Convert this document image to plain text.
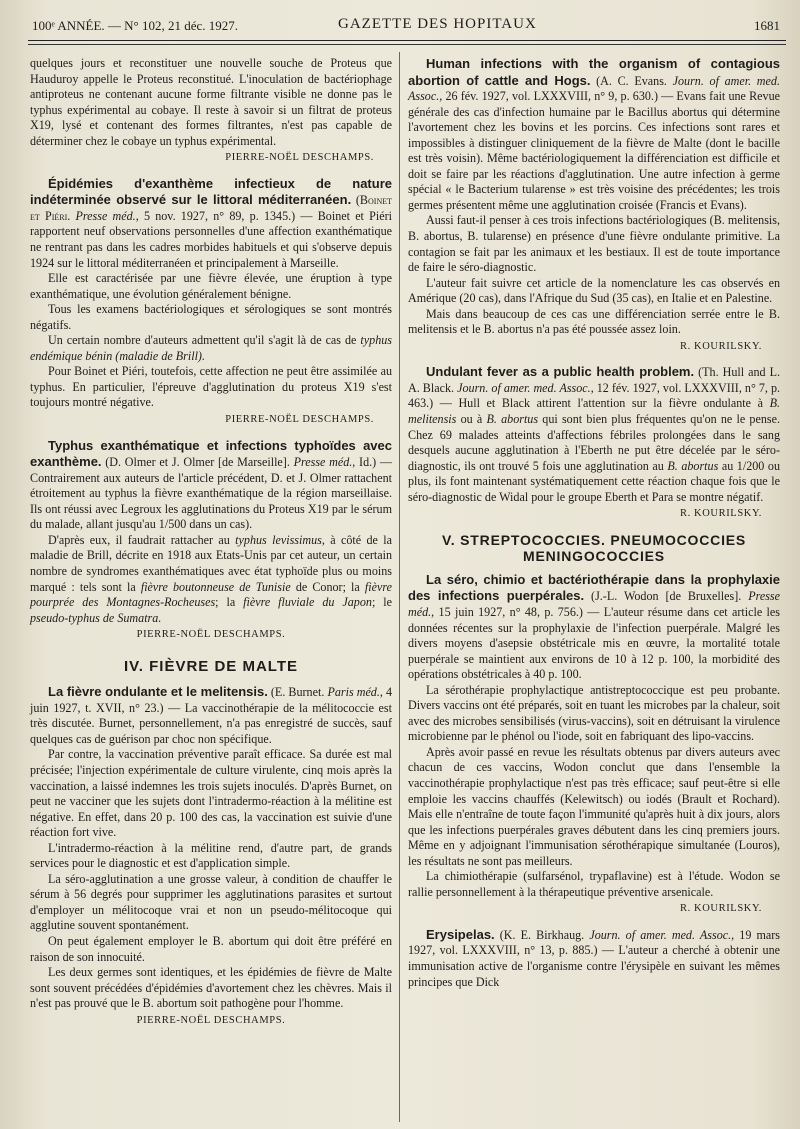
100ᵉ ANNÉE. — N° 102, 21 déc. 1927.	GAZETTE DES HOPITAUX	1681

quelques jours et reconstituer une nouvelle souche de Proteus que Hauduroy appelle le Proteus reconstitué. L'inoculation de bactériophage antiproteus ne contenant aucune forme filtrante visible ne donne pas le typhus expérimental au cobaye. Il reste à savoir si un filtrat de proteus X19, lysé et contenant des formes filtrantes, n'est pas capable de déterminer chez le cobaye un typhus expérimental.

PIERRE-NOËL DESCHAMPS.

Épidémies d'exanthème infectieux de nature indéterminée observé sur le littoral méditerranéen. (Boinet et Piéri. Presse méd., 5 nov. 1927, n° 89, p. 1345.) — Boinet et Piéri rapportent neuf observations personnelles d'une affection exanthématique ne rentrant pas dans les cadres morbides habituels et qui s'observe depuis 1924 sur le littoral méditerranéen et principalement à Marseille.

Elle est caractérisée par une fièvre élevée, une éruption à type exanthématique, une évolution généralement bénigne.

Tous les examens bactériologiques et sérologiques se sont montrés négatifs.

Un certain nombre d'auteurs admettent qu'il s'agit là de cas de typhus endémique bénin (maladie de Brill).

Pour Boinet et Piéri, toutefois, cette affection ne peut être assimilée au typhus. En particulier, l'épreuve d'agglutination du proteus X19 s'est toujours montré négative.

PIERRE-NOËL DESCHAMPS.

Typhus exanthématique et infections typhoïdes avec exanthème. (D. Olmer et J. Olmer [de Marseille]. Presse méd., Id.) — Contrairement aux auteurs de l'article précédent, D. et J. Olmer rattachent étroitement au typhus la fièvre exanthématique de la région marseillaise. Ils ont réussi avec Legroux les agglutinations du Proteus X19 par le sérum du malade, allant jusqu'au 1/500 dans un cas).

D'après eux, il faudrait rattacher au typhus levissimus, à côté de la maladie de Brill, décrite en 1918 aux Etats-Unis par cet auteur, un certain nombre de syndromes exanthématiques avec état typhoïde plus ou moins marqué : tels sont la fièvre boutonneuse de Tunisie de Conor; la fièvre pourprée des Montagnes-Rocheuses; la fièvre fluviale du Japon; le pseudo-typhus de Sumatra.

PIERRE-NOËL DESCHAMPS.
IV. FIÈVRE DE MALTE

La fièvre ondulante et le melitensis. (E. Burnet. Paris méd., 4 juin 1927, t. XVII, n° 23.) — La vaccinothérapie de la mélitococcie est très discutée. Burnet, personnellement, n'a pas enregistré de succès, sauf quelques cas de guérison par choc non spécifique.

Par contre, la vaccination préventive paraît efficace. Sa durée est mal précisée; l'injection expérimentale de culture virulente, cinq mois après la vaccination, a laissé indemnes les trois sujets inoculés. D'après Burnet, on peut ne vacciner que les sujets dont l'intradermo-réaction à la mélitine est négative. En effet, dans 20 p. 100 des cas, la vaccination est suivie d'une réaction fort vive.

L'intradermo-réaction à la mélitine rend, d'autre part, de grands services pour le diagnostic et est d'application simple.

La séro-agglutination a une grosse valeur, à condition de chauffer le sérum à 56 degrés pour supprimer les agglutinations parasites et surtout d'employer un mélitocoque vrai et non un pseudo-mélitocoque qui agglutine souvent spontanément.

On peut également employer le B. abortum qui doit être préféré en raison de son innocuité.

Les deux germes sont identiques, et les épidémies de fièvre de Malte sont souvent précédées d'épidémies d'avortement chez les chèvres. Mais il n'est pas prouvé que le B. abortum soit pathogène pour l'homme.

PIERRE-NOËL DESCHAMPS.

Human infections with the organism of contagious abortion of cattle and Hogs. (A. C. Evans. Journ. of amer. med. Assoc., 26 fév. 1927, vol. LXXXVIII, n° 9, p. 630.) — Evans fait une Revue générale des cas d'infection humaine par le Bacillus abortus qui détermine l'avortement chez les bovins et les porcins. Ces infections sont rares et impossibles à distinguer cliniquement de la fièvre de Malte (dont le bacille est très voisin). Même bactériologiquement la différenciation est difficile et doit se faire par les réactions d'agglutination. Une autre infection à germe spécial « le Bacterium tularense » est très voisine des précédentes; les trois germes présentent même une agglutination croisée (Francis et Evans).

Aussi faut-il penser à ces trois infections bactériologiques (B. melitensis, B. abortus, B. tularense) en présence d'une fièvre ondulante primitive. La contagion se fait par les animaux et les bestiaux. Il est de toute importance de faire le séro-diagnostic.

L'auteur fait suivre cet article de la nomenclature les cas observés en Amérique (20 cas), dans l'Afrique du Sud (35 cas), en Italie et en Palestine.

Mais dans beaucoup de ces cas une différenciation serrée entre le B. melitensis et le B. abortus n'a pas été poussée assez loin.

R. KOURILSKY.

Undulant fever as a public health problem. (Th. Hull and L. A. Black. Journ. of amer. med. Assoc., 12 fév. 1927, vol. LXXXVIII, n° 7, p. 463.) — Hull et Black attirent l'attention sur la fièvre ondulante à B. melitensis ou à B. abortus qui sont bien plus fréquentes qu'on ne le pense. Chez 69 malades atteints d'affections fébriles prolongées dans le sang desquels aucune agglutination à l'Eberth ne put être décelée par le séro-diagnostic, ils ont trouvé 5 fois une agglutination au B. abortus au 1/200 ou plus, ils font maintenant systématiquement cette réaction chaque fois que le séro-diagnostic de Widal pour le groupe Eberth et Para se montre négatif.

R. KOURILSKY.
V. STREPTOCOCCIES. PNEUMOCOCCIES MENINGOCOCCIES

La séro, chimio et bactériothérapie dans la prophylaxie des infections puerpérales. (J.-L. Wodon [de Bruxelles]. Presse méd., 15 juin 1927, n° 48, p. 756.) — L'auteur résume dans cet article les données récentes sur la prophylaxie de l'infection puerpérale. Malgré les divers moyens d'asepsie obstétricale mis en œuvre, la mortalité totale puerpérale se maintient aux environs de 10 à 12 p. 100, la morbidité des opérations obstétricales à 40 p. 100.

La sérothérapie prophylactique antistreptococcique est peu probante. Divers vaccins ont été préparés, soit en tuant les microbes par la chaleur, soit avec des microbes sensibilisés (virus-vaccins), soit en détruisant la virulence microbienne par le phénol ou l'iode, soit en fabriquant des lipo-vaccins.

Après avoir passé en revue les résultats obtenus par divers auteurs avec chacun de ces vaccins, Wodon conclut que dans l'ensemble la vaccinothérapie prophylactique n'est pas très efficace; sauf peut-être si elle emploie les vaccins chauffés (Kelewitsch) ou iodés (Brault et Rochard). Mais elle n'entraîne de toute façon l'immunité qu'après huit à dix jours, alors que les infections puerpérales graves débutent dans les cinq premiers jours. Même en y adjoignant l'immunisation sérothérapique simultanée (Louros), les résultats ne sont pas meilleurs.

La chimiothérapie (sulfarsénol, trypaflavine) est à l'étude. Wodon se rallie personnellement à la thérapeutique préventive arsenicale.

R. KOURILSKY.

Erysipelas. (K. E. Birkhaug. Journ. of amer. med. Assoc., 19 mars 1927, vol. LXXXVIII, n° 13, p. 885.) — L'auteur a cherché à obtenir une immunisation active de l'organisme contre l'érysipèle en suivant les mêmes principes que Dick
